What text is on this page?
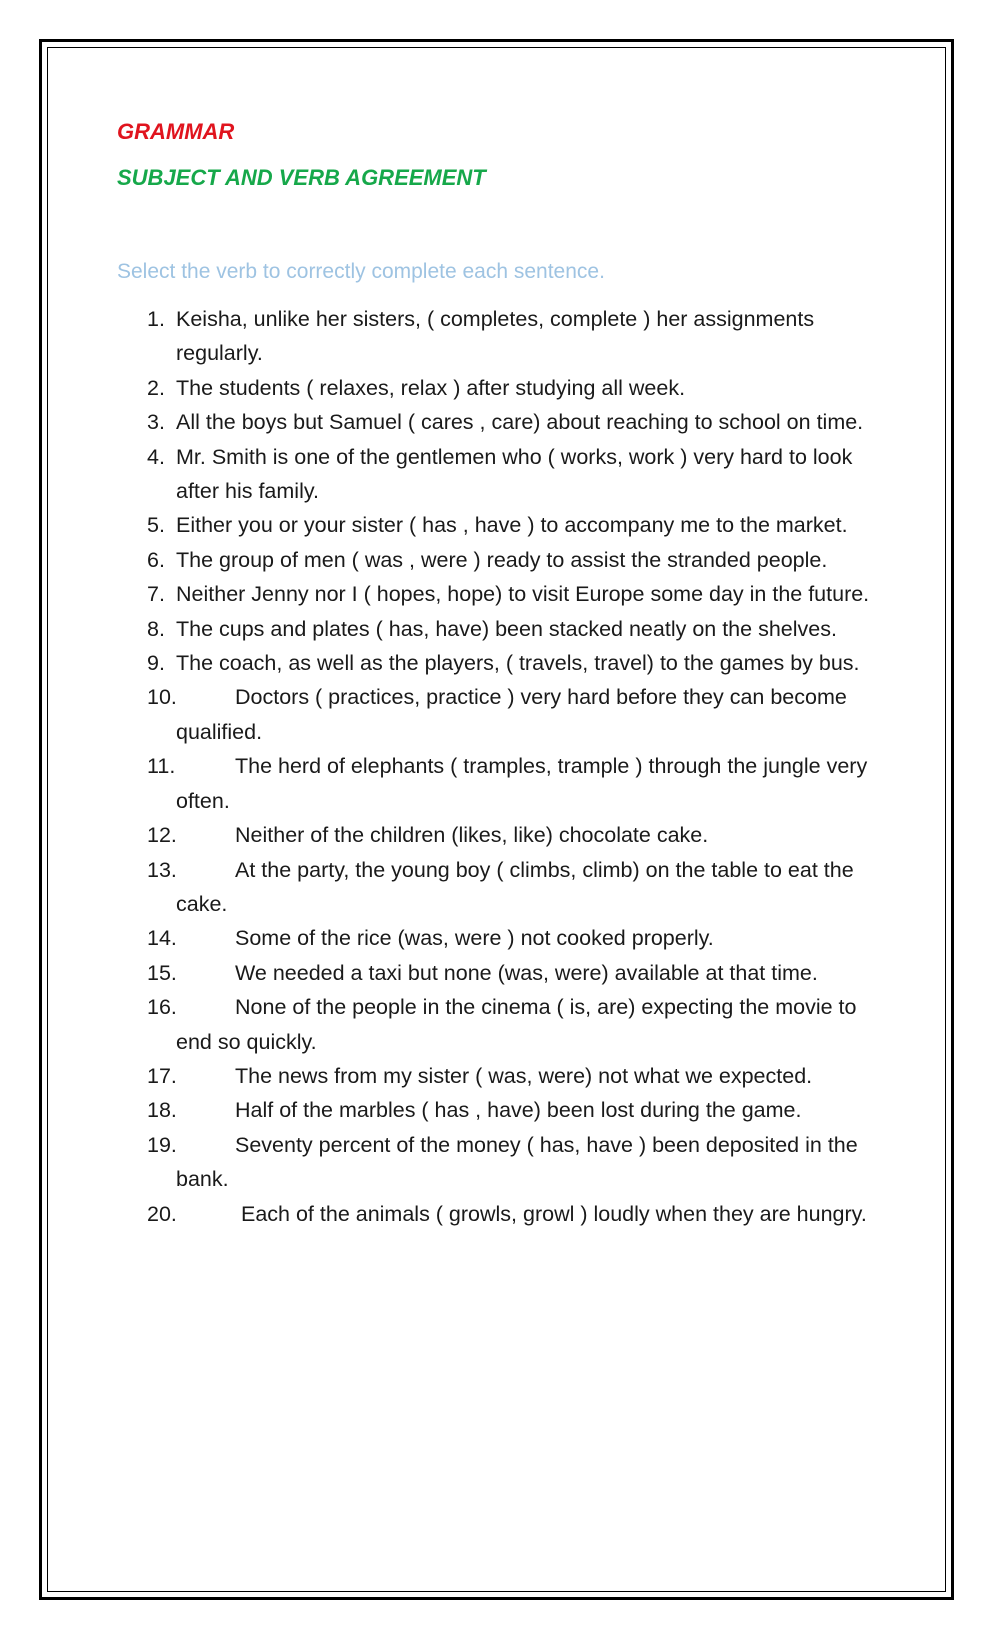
GRAMMAR

SUBJECT AND VERB AGREEMENT

Select the verb to correctly complete each sentence.

1. Keisha, unlike her sisters, ( completes, complete ) her assignments regularly.
2. The students ( relaxes, relax ) after studying all week.
3. All the boys but Samuel ( cares , care) about reaching to school on time.
4. Mr. Smith is one of the gentlemen who ( works, work ) very hard to look after his family.
5. Either you or your sister ( has , have ) to accompany me to the market.
6. The group of men ( was , were ) ready to assist the stranded people.
7. Neither Jenny nor I ( hopes, hope) to visit Europe some day in the future.
8. The cups and plates ( has, have) been stacked neatly on the shelves.
9. The coach, as well as the players, ( travels, travel) to the games by bus.
10.	Doctors ( practices, practice ) very hard before they can become qualified.
11.	The herd of elephants ( tramples, trample ) through the jungle very often.
12.	Neither of the children (likes, like) chocolate cake.
13.	At the party, the young boy ( climbs, climb) on the table to eat the cake.
14.	Some of the rice (was, were ) not cooked properly.
15.	We needed a taxi but none (was, were) available at that time.
16.	None of the people in the cinema ( is, are) expecting the movie to end so quickly.
17.	The news from my sister ( was, were) not what we expected.
18.	Half of the marbles ( has , have) been lost during the game.
19.	Seventy percent of the money ( has, have ) been deposited in the bank.
20.	Each of the animals ( growls, growl ) loudly when they are hungry.
